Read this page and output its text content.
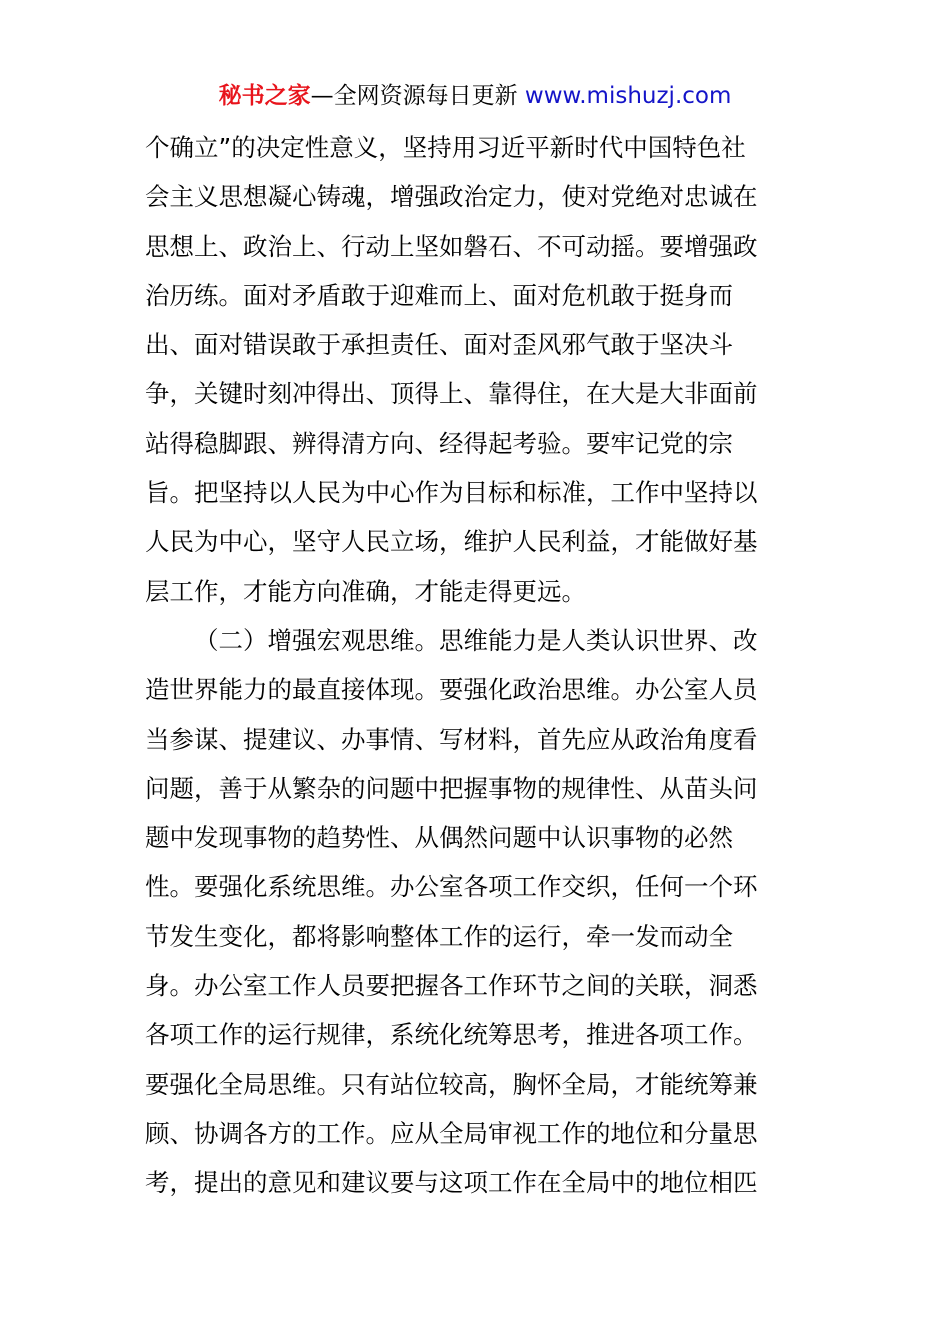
秘书之家—全网资源每日更新 www.mishuzj.com
个确立”的决定性意义，坚持用习近平新时代中国特色社
会主义思想凝心铸魂，增强政治定力，使对党绝对忠诚在
思想上、政治上、行动上坚如磐石、不可动摇。要增强政
治历练。面对矛盾敢于迎难而上、面对危机敢于挺身而
出、面对错误敢于承担责任、面对歪风邪气敢于坚决斗
争，关键时刻冲得出、顶得上、靠得住，在大是大非面前
站得稳脚跟、辨得清方向、经得起考验。要牢记党的宗
旨。把坚持以人民为中心作为目标和标准，工作中坚持以
人民为中心，坚守人民立场，维护人民利益，才能做好基
层工作，才能方向准确，才能走得更远。
（二）增强宏观思维。思维能力是人类认识世界、改
造世界能力的最直接体现。要强化政治思维。办公室人员
当参谋、提建议、办事情、写材料，首先应从政治角度看
问题，善于从繁杂的问题中把握事物的规律性、从苗头问
题中发现事物的趋势性、从偶然问题中认识事物的必然
性。要强化系统思维。办公室各项工作交织，任何一个环
节发生变化，都将影响整体工作的运行，牵一发而动全
身。办公室工作人员要把握各工作环节之间的关联，洞悉
各项工作的运行规律，系统化统筹思考，推进各项工作。
要强化全局思维。只有站位较高，胸怀全局，才能统筹兼
顾、协调各方的工作。应从全局审视工作的地位和分量思
考，提出的意见和建议要与这项工作在全局中的地位相匹
